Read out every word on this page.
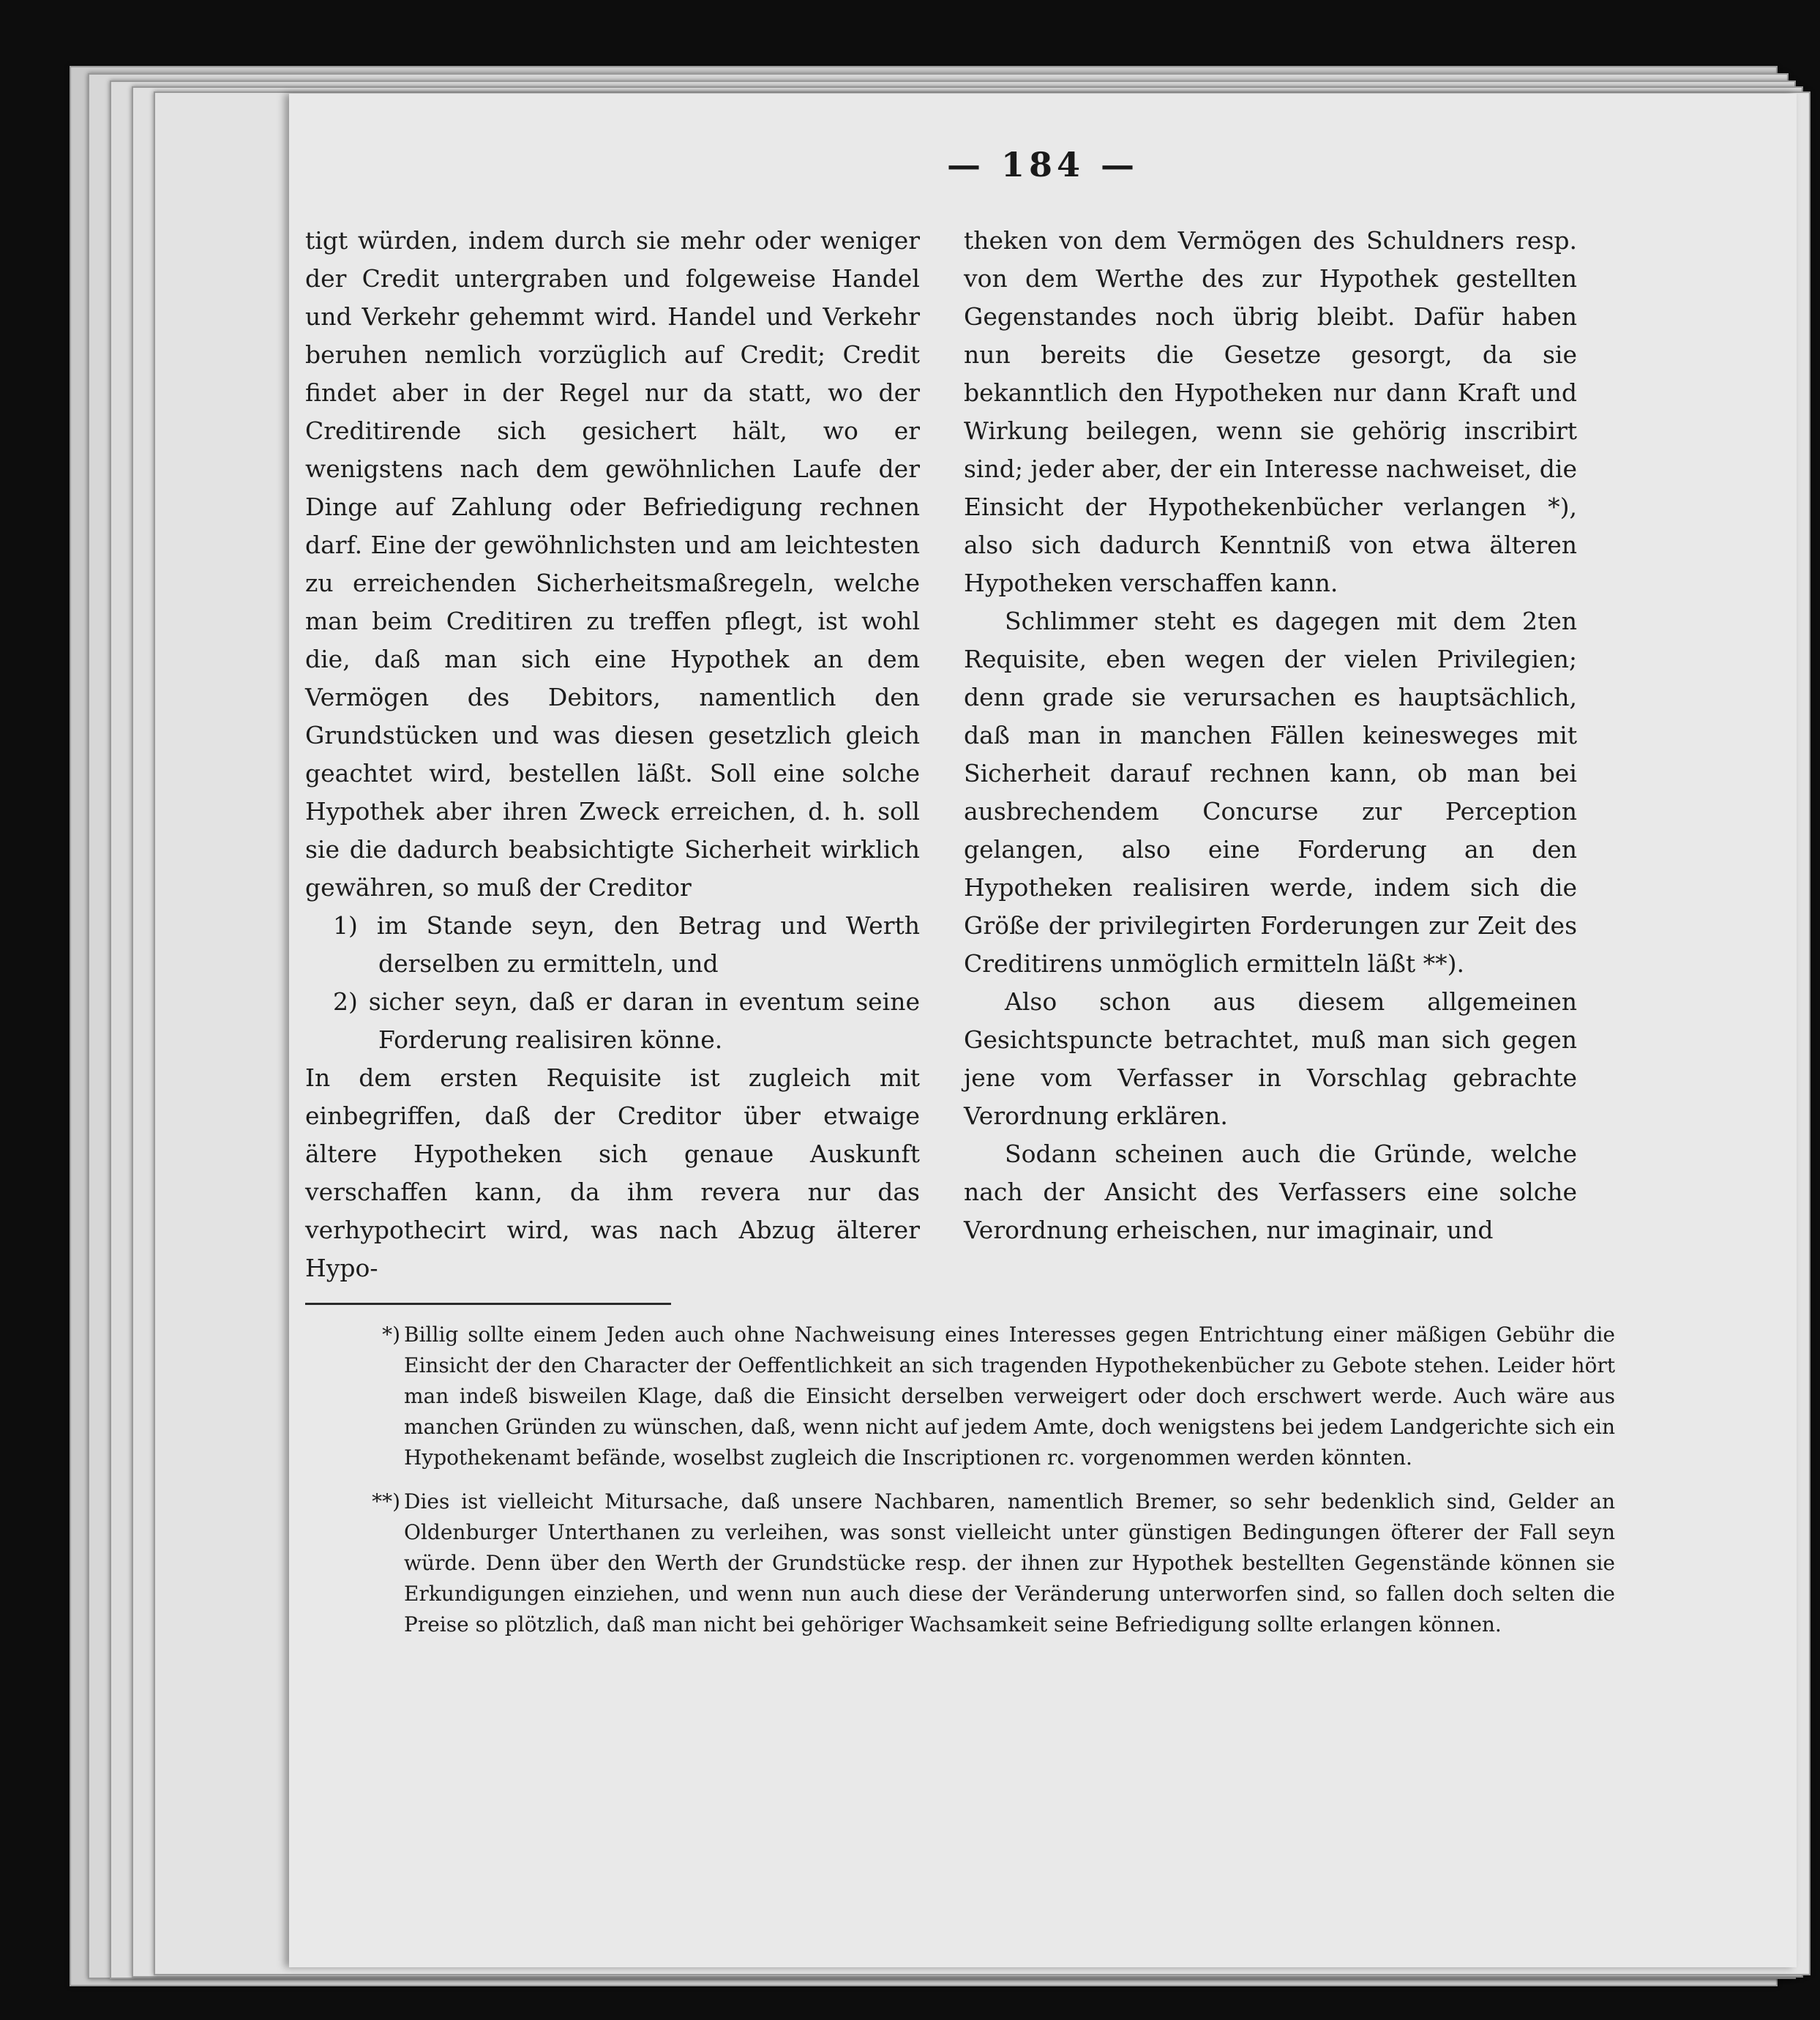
— 184 —

tigt würden, indem durch sie mehr oder weniger der Credit untergraben und folgeweise Handel und Verkehr gehemmt wird. Handel und Verkehr beruhen nemlich vorzüglich auf Credit; Credit findet aber in der Regel nur da statt, wo der Creditirende sich gesichert hält, wo er wenigstens nach dem gewöhnlichen Laufe der Dinge auf Zahlung oder Befriedigung rechnen darf. Eine der gewöhnlichsten und am leichtesten zu erreichenden Sicherheitsmaßregeln, welche man beim Creditiren zu treffen pflegt, ist wohl die, daß man sich eine Hypothek an dem Vermögen des Debitors, namentlich den Grundstücken und was diesen gesetzlich gleich geachtet wird, bestellen läßt. Soll eine solche Hypothek aber ihren Zweck erreichen, d. h. soll sie die dadurch beabsichtigte Sicherheit wirklich gewähren, so muß der Creditor

1) im Stande seyn, den Betrag und Werth derselben zu ermitteln, und

2) sicher seyn, daß er daran in eventum seine Forderung realisiren könne.

In dem ersten Requisite ist zugleich mit einbegriffen, daß der Creditor über etwaige ältere Hypotheken sich genaue Auskunft verschaffen kann, da ihm revera nur das verhypothecirt wird, was nach Abzug älterer Hypo-

theken von dem Vermögen des Schuldners resp. von dem Werthe des zur Hypothek gestellten Gegenstandes noch übrig bleibt. Dafür haben nun bereits die Gesetze gesorgt, da sie bekanntlich den Hypotheken nur dann Kraft und Wirkung beilegen, wenn sie gehörig inscribirt sind; jeder aber, der ein Interesse nachweiset, die Einsicht der Hypothekenbücher verlangen *), also sich dadurch Kenntniß von etwa älteren Hypotheken verschaffen kann.

Schlimmer steht es dagegen mit dem 2ten Requisite, eben wegen der vielen Privilegien; denn grade sie verursachen es hauptsächlich, daß man in manchen Fällen keinesweges mit Sicherheit darauf rechnen kann, ob man bei ausbrechendem Concurse zur Perception gelangen, also eine Forderung an den Hypotheken realisiren werde, indem sich die Größe der privilegirten Forderungen zur Zeit des Creditirens unmöglich ermitteln läßt **).

Also schon aus diesem allgemeinen Gesichtspuncte betrachtet, muß man sich gegen jene vom Verfasser in Vorschlag gebrachte Verordnung erklären.

Sodann scheinen auch die Gründe, welche nach der Ansicht des Verfassers eine solche Verordnung erheischen, nur imaginair, und

*) Billig sollte einem Jeden auch ohne Nachweisung eines Interesses gegen Entrichtung einer mäßigen Gebühr die Einsicht der den Character der Oeffentlichkeit an sich tragenden Hypothekenbücher zu Gebote stehen. Leider hört man indeß bisweilen Klage, daß die Einsicht derselben verweigert oder doch erschwert werde. Auch wäre aus manchen Gründen zu wünschen, daß, wenn nicht auf jedem Amte, doch wenigstens bei jedem Landgerichte sich ein Hypothekenamt befände, woselbst zugleich die Inscriptionen rc. vorgenommen werden könnten.
**) Dies ist vielleicht Mitursache, daß unsere Nachbaren, namentlich Bremer, so sehr bedenklich sind, Gelder an Oldenburger Unterthanen zu verleihen, was sonst vielleicht unter günstigen Bedingungen öfterer der Fall seyn würde. Denn über den Werth der Grundstücke resp. der ihnen zur Hypothek bestellten Gegenstände können sie Erkundigungen einziehen, und wenn nun auch diese der Veränderung unterworfen sind, so fallen doch selten die Preise so plötzlich, daß man nicht bei gehöriger Wachsamkeit seine Befriedigung sollte erlangen können.
